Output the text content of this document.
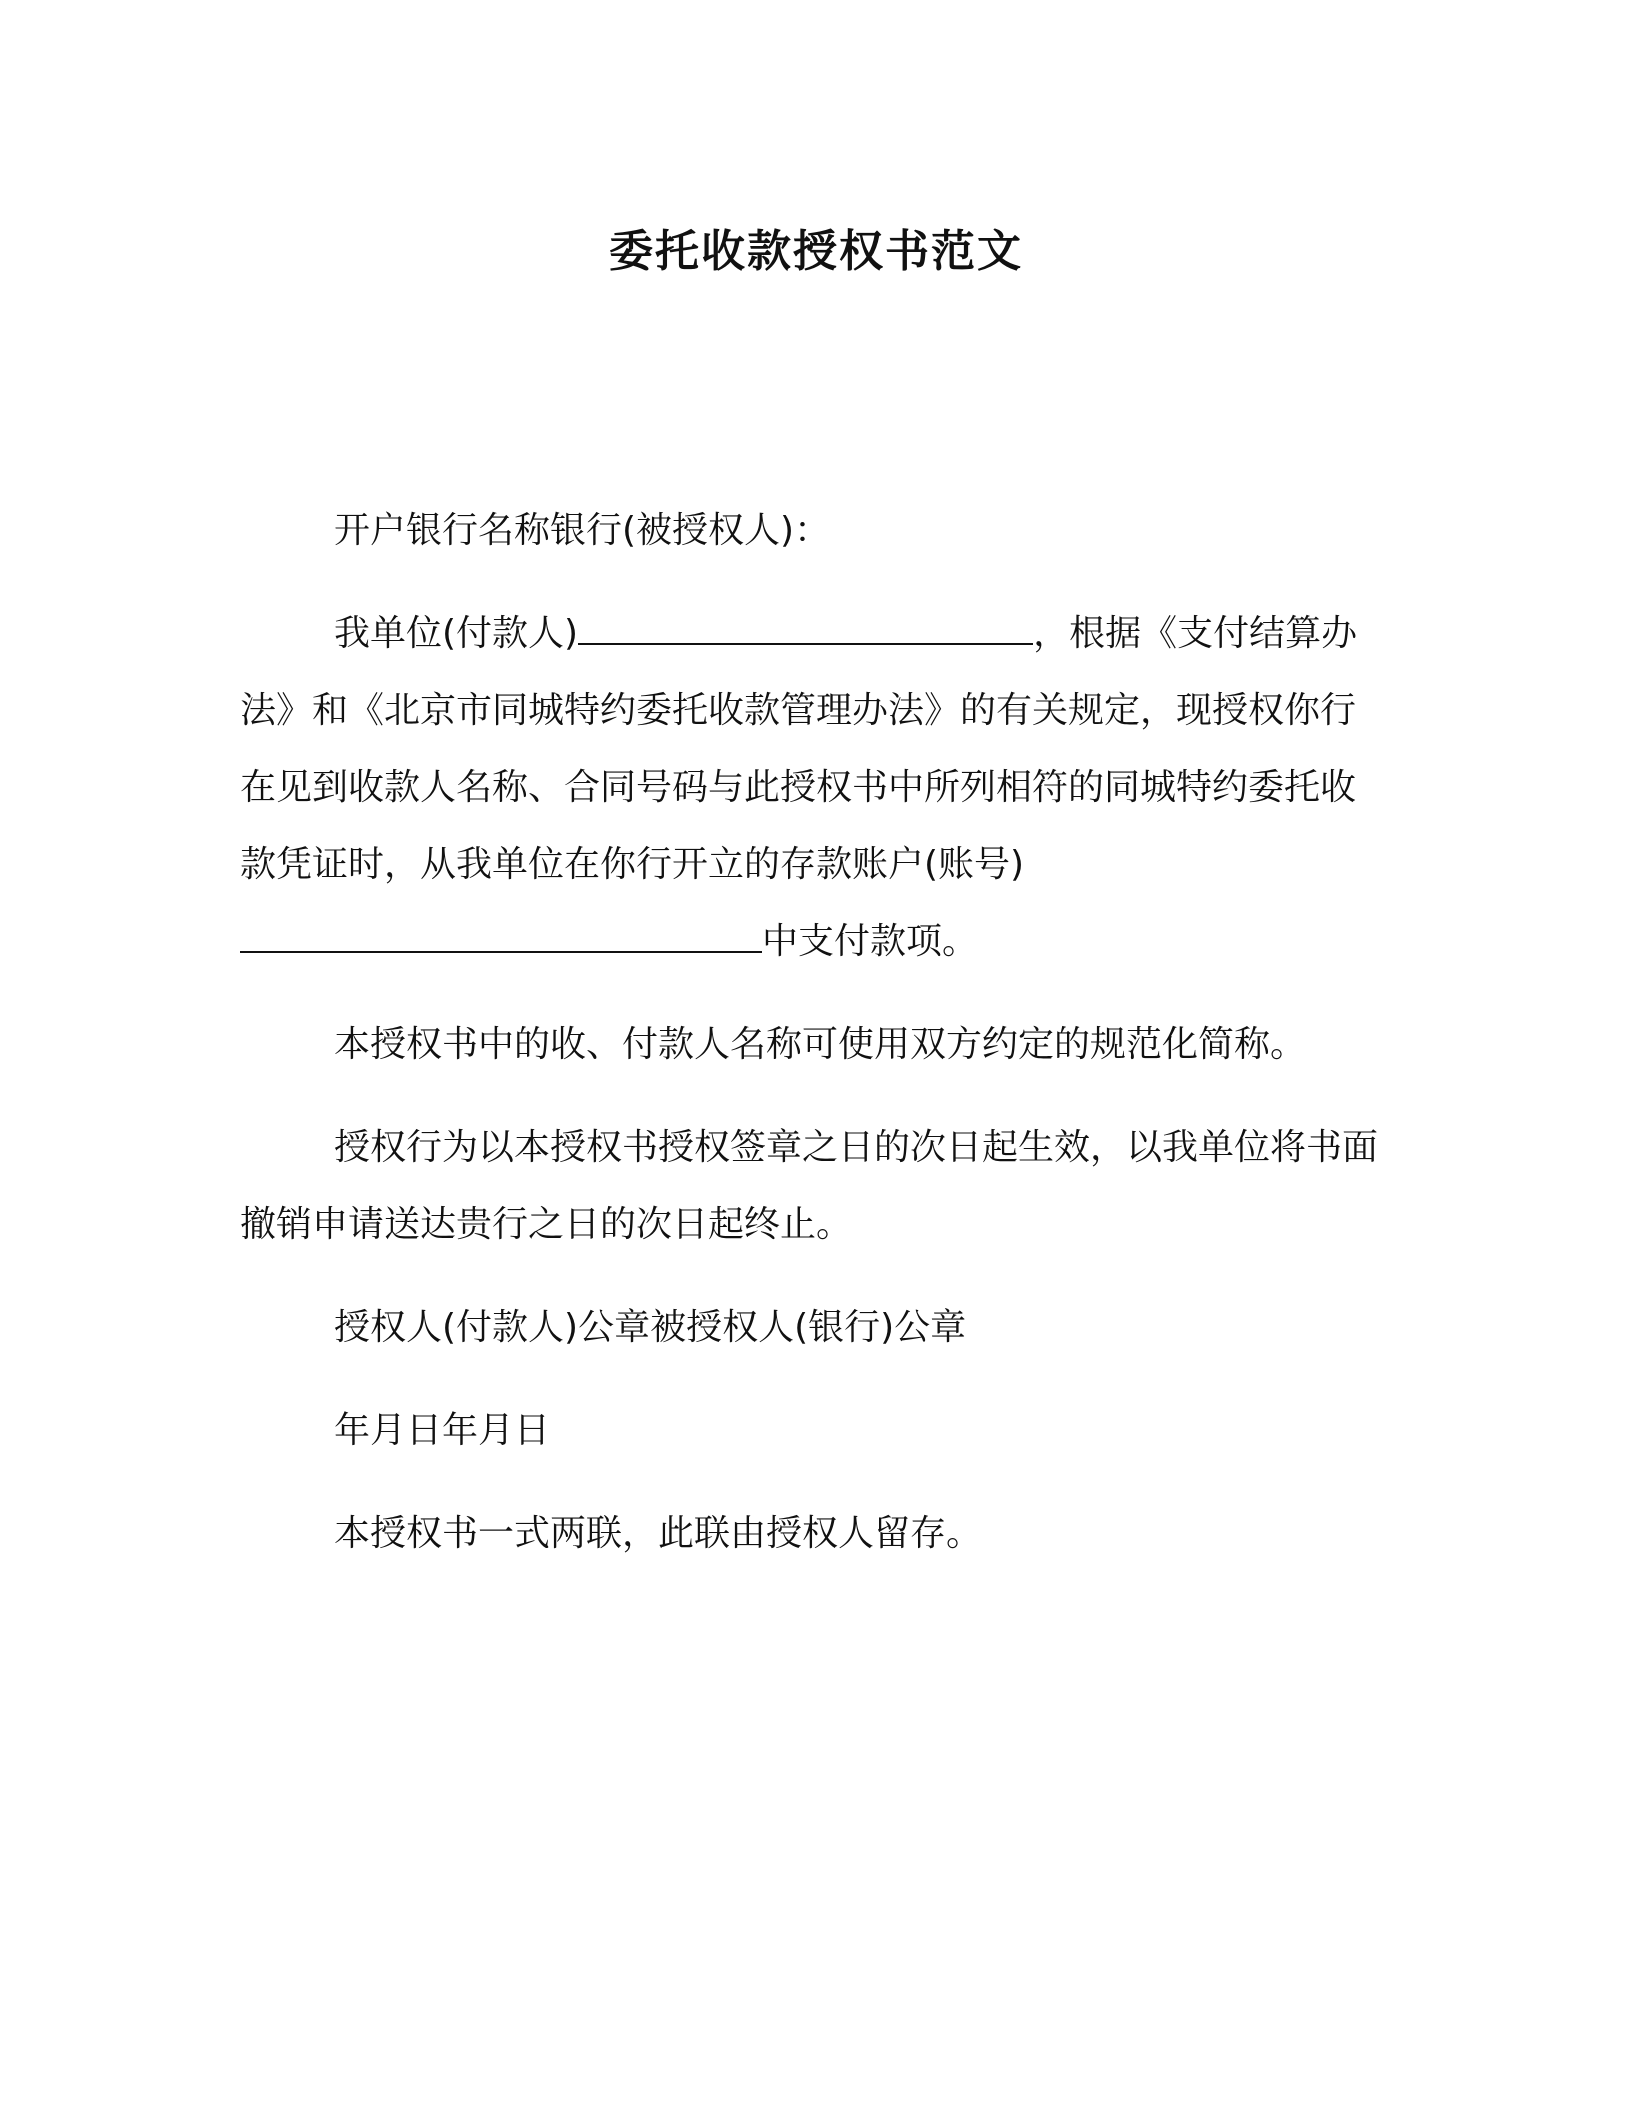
委托收款授权书范文

开户银行名称银行(被授权人)：

我单位(付款人)	，根据《支付结算办法》和《北京市同城特约委托收款管理办法》的有关规定，现授权你行在见到收款人名称、合同号码与此授权书中所列相符的同城特约委托收款凭证时，从我单位在你行开立的存款账户(账号)中支付款项。

本授权书中的收、付款人名称可使用双方约定的规范化简称。

授权行为以本授权书授权签章之日的次日起生效，以我单位将书面撤销申请送达贵行之日的次日起终止。

授权人(付款人)公章被授权人(银行)公章

年月日年月日

本授权书一式两联，此联由授权人留存。
